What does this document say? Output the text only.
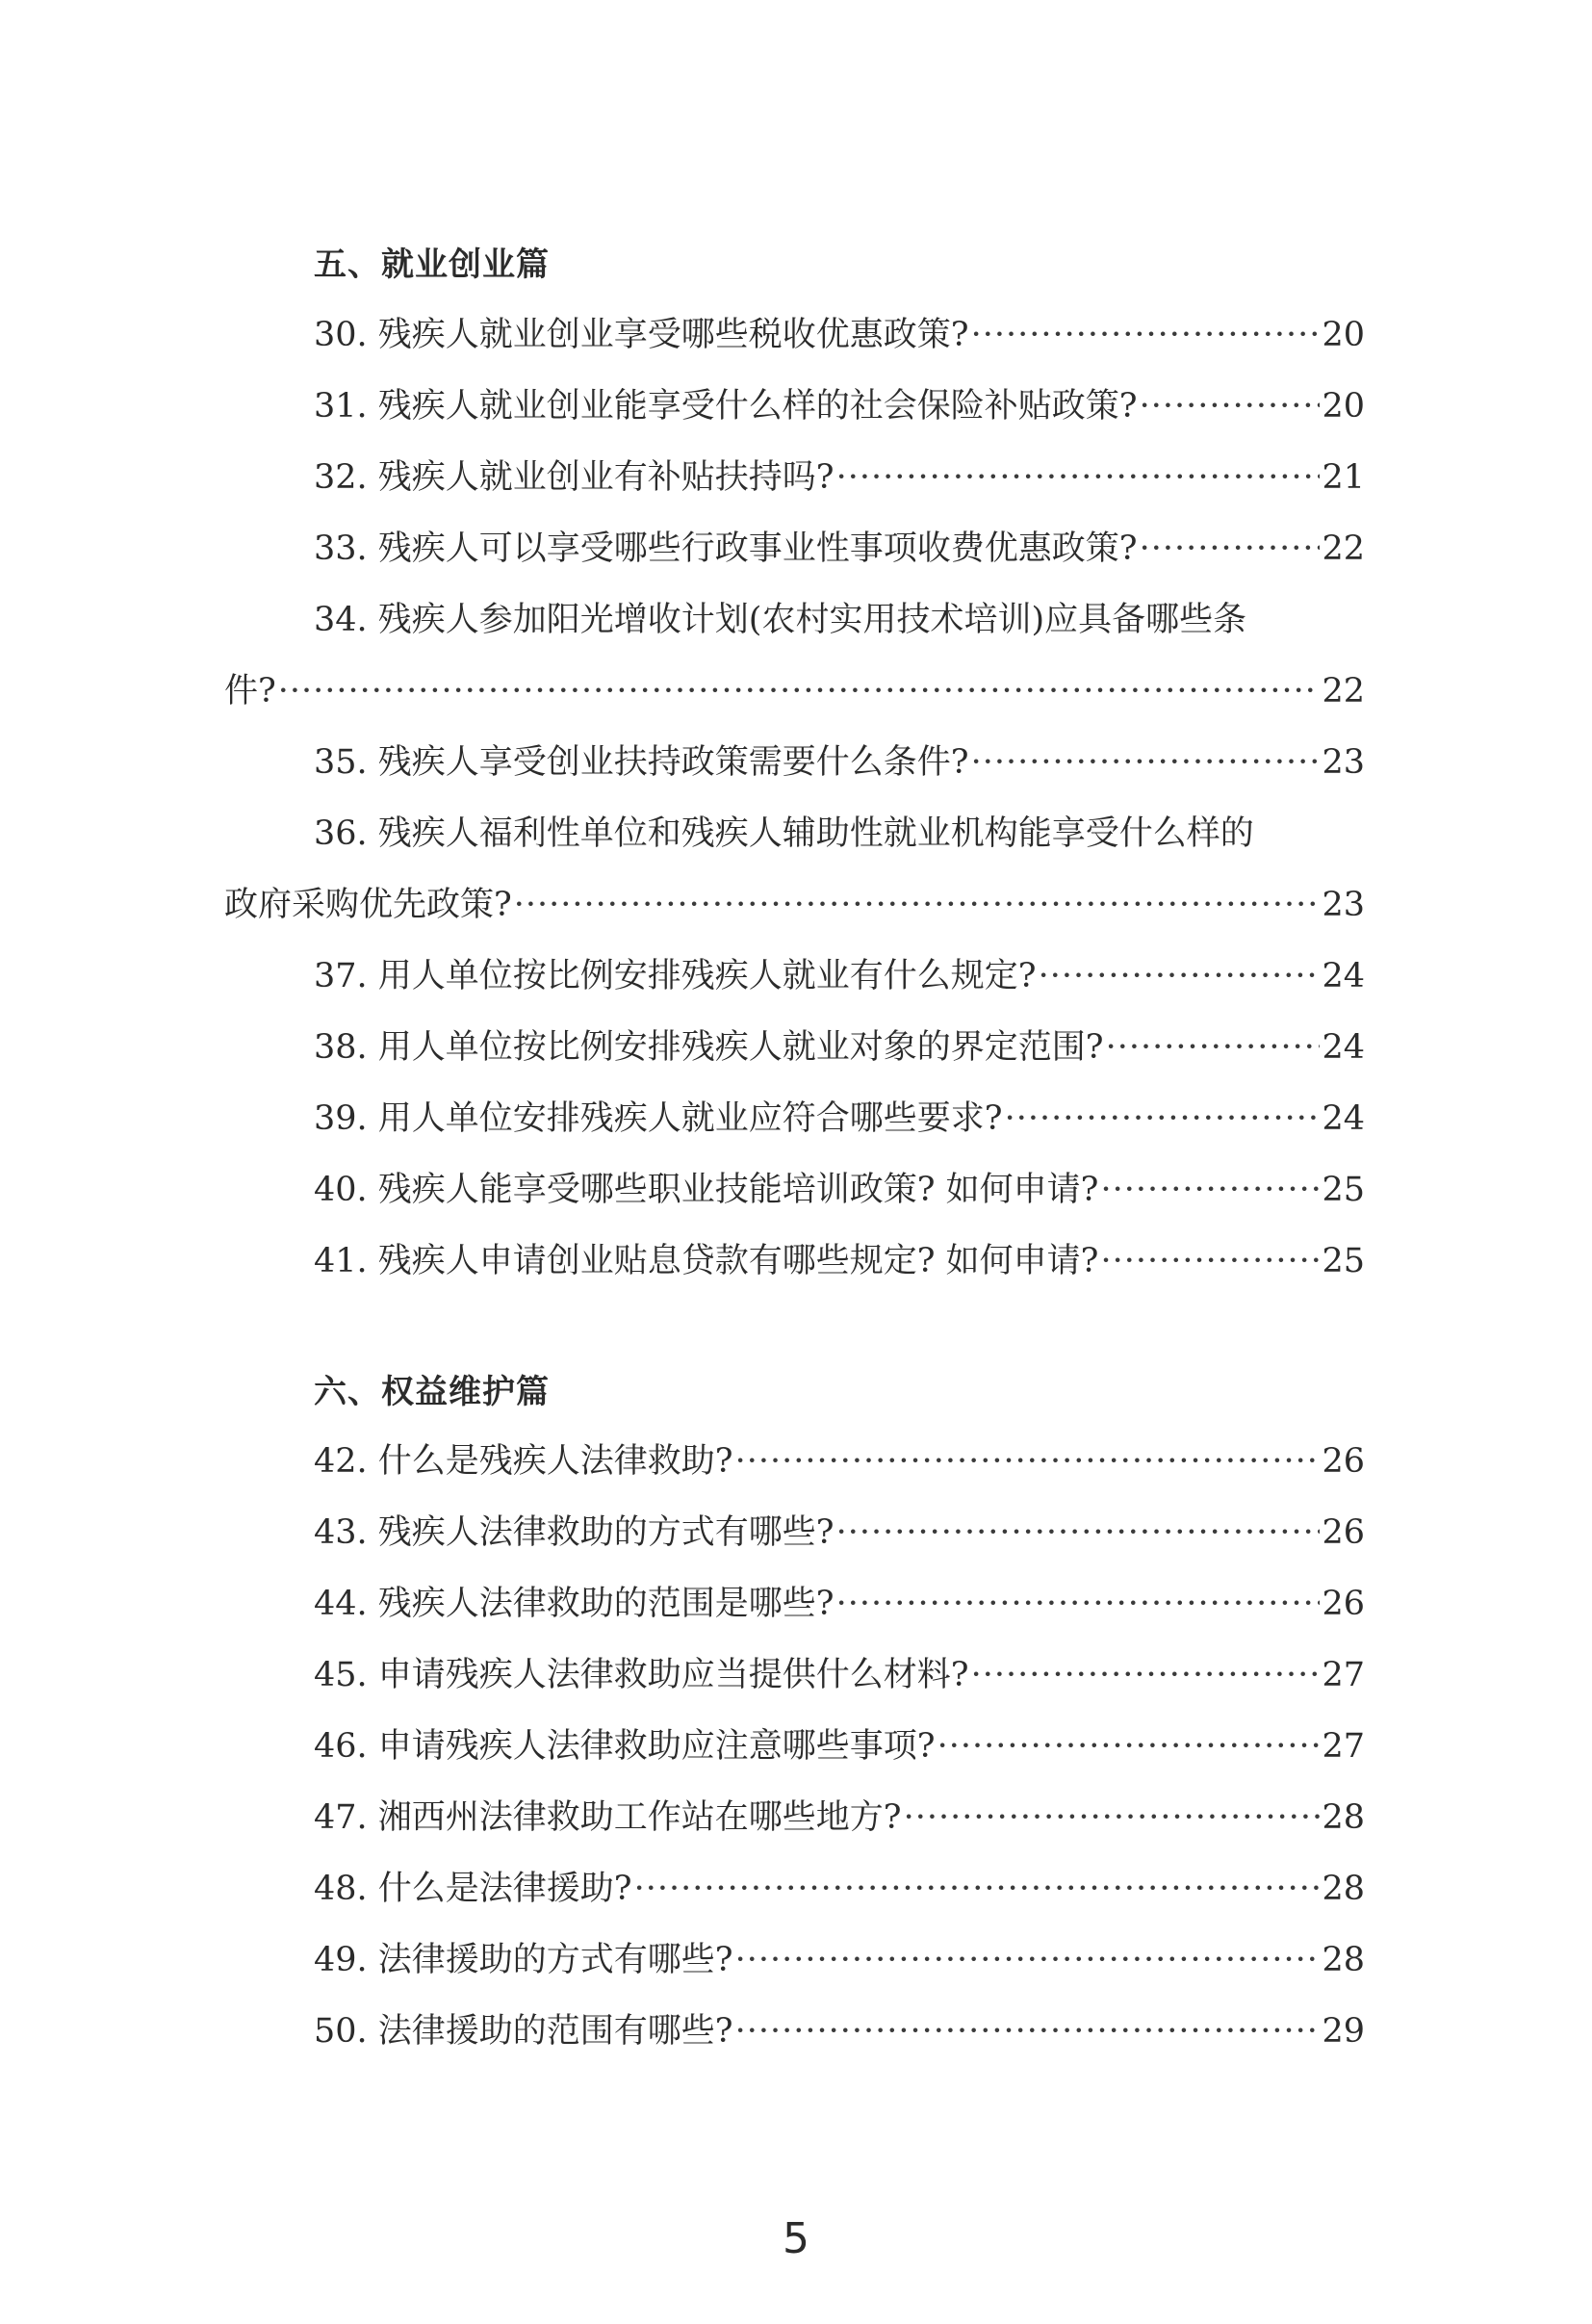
五、就业创业篇
30. 残疾人就业创业享受哪些税收优惠政策? ·····	20
31. 残疾人就业创业能享受什么样的社会保险补贴政策? ·····	20
32. 残疾人就业创业有补贴扶持吗? ·····	21
33. 残疾人可以享受哪些行政事业性事项收费优惠政策? ·····	22
34. 残疾人参加阳光增收计划(农村实用技术培训)应具备哪些条
件? ·····	22
35. 残疾人享受创业扶持政策需要什么条件? ·····	23
36. 残疾人福利性单位和残疾人辅助性就业机构能享受什么样的
政府采购优先政策? ·····	23
37. 用人单位按比例安排残疾人就业有什么规定? ·····	24
38. 用人单位按比例安排残疾人就业对象的界定范围? ·····	24
39. 用人单位安排残疾人就业应符合哪些要求? ·····	24
40. 残疾人能享受哪些职业技能培训政策? 如何申请? ·····	25
41. 残疾人申请创业贴息贷款有哪些规定? 如何申请? ·····	25
六、权益维护篇
42. 什么是残疾人法律救助? ·····	26
43. 残疾人法律救助的方式有哪些? ·····	26
44. 残疾人法律救助的范围是哪些? ·····	26
45. 申请残疾人法律救助应当提供什么材料? ·····	27
46. 申请残疾人法律救助应注意哪些事项? ·····	27
47. 湘西州法律救助工作站在哪些地方? ·····	28
48. 什么是法律援助? ·····	28
49. 法律援助的方式有哪些? ·····	28
50. 法律援助的范围有哪些? ·····	29
5
